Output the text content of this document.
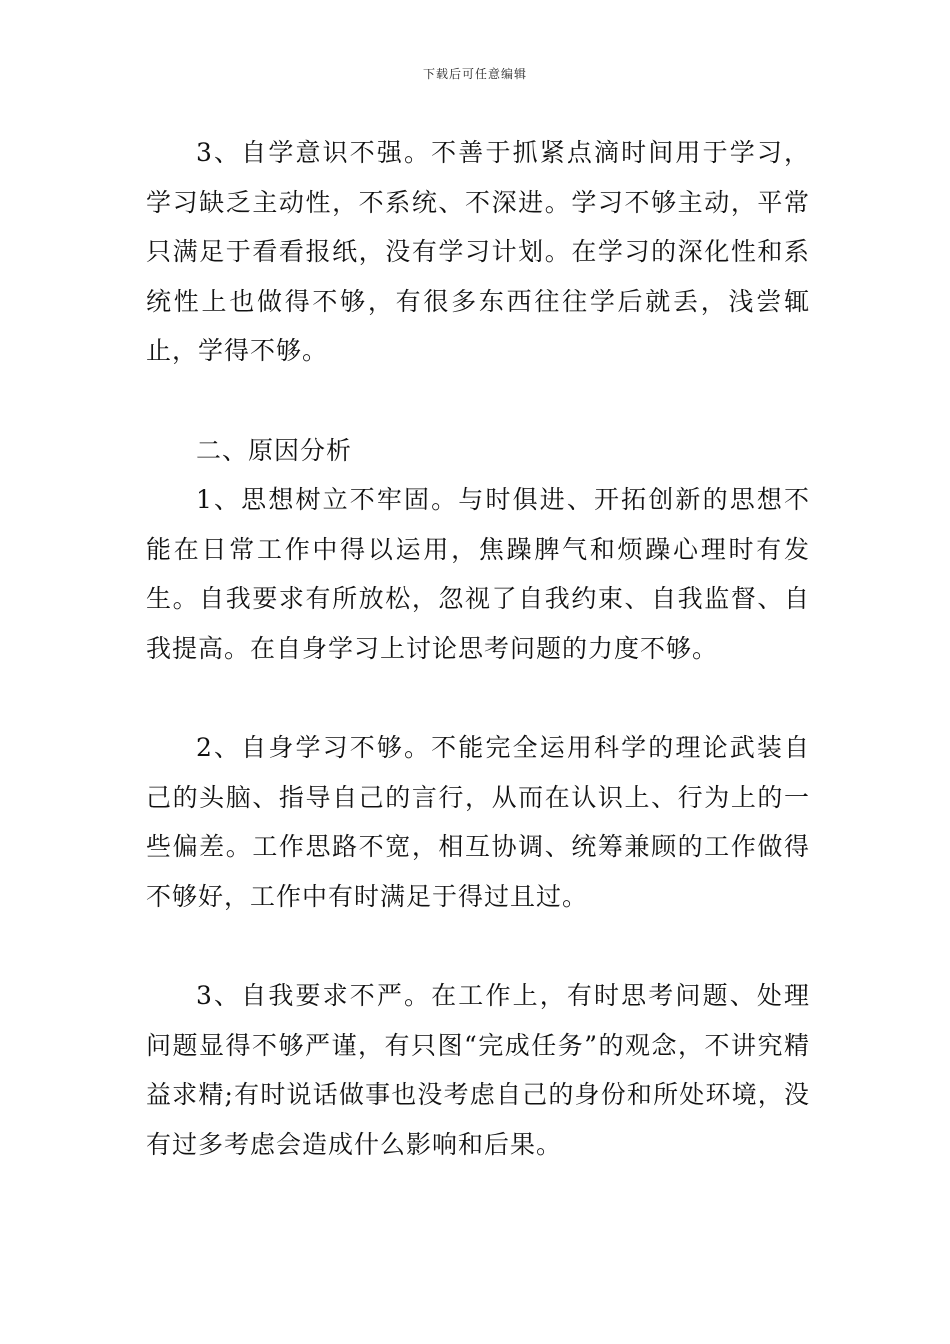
下载后可任意编辑

3、自学意识不强。不善于抓紧点滴时间用于学习，学习缺乏主动性，不系统、不深进。学习不够主动，平常只满足于看看报纸，没有学习计划。在学习的深化性和系统性上也做得不够，有很多东西往往学后就丢，浅尝辄止，学得不够。

二、原因分析

1、思想树立不牢固。与时俱进、开拓创新的思想不能在日常工作中得以运用，焦躁脾气和烦躁心理时有发生。自我要求有所放松，忽视了自我约束、自我监督、自我提高。在自身学习上讨论思考问题的力度不够。

2、自身学习不够。不能完全运用科学的理论武装自己的头脑、指导自己的言行，从而在认识上、行为上的一些偏差。工作思路不宽，相互协调、统筹兼顾的工作做得不够好，工作中有时满足于得过且过。

3、自我要求不严。在工作上，有时思考问题、处理问题显得不够严谨，有只图“完成任务”的观念，不讲究精益求精;有时说话做事也没考虑自己的身份和所处环境，没有过多考虑会造成什么影响和后果。
